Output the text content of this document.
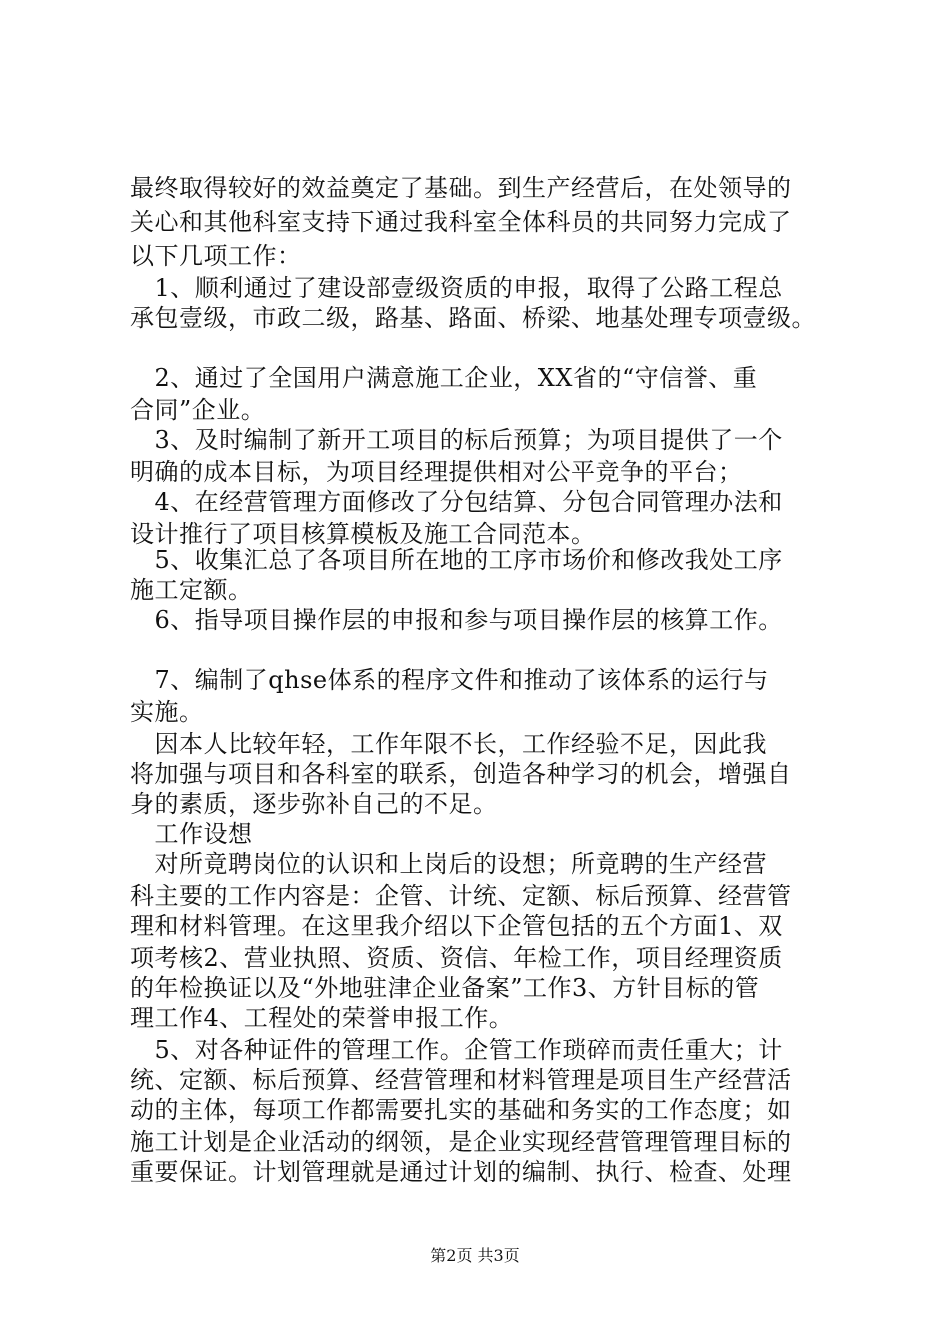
最终取得较好的效益奠定了基础。到生产经营后，在处领导的
关心和其他科室支持下通过我科室全体科员的共同努力完成了
以下几项工作：
　1、顺利通过了建设部壹级资质的申报，取得了公路工程总
承包壹级，市政二级，路基、路面、桥梁、地基处理专项壹级。
　2、通过了全国用户满意施工企业，XX省的“守信誉、重
合同”企业。
　3、及时编制了新开工项目的标后预算；为项目提供了一个
明确的成本目标，为项目经理提供相对公平竞争的平台；
　4、在经营管理方面修改了分包结算、分包合同管理办法和
设计推行了项目核算模板及施工合同范本。
　5、收集汇总了各项目所在地的工序市场价和修改我处工序
施工定额。
　6、指导项目操作层的申报和参与项目操作层的核算工作。
　7、编制了qhse体系的程序文件和推动了该体系的运行与
实施。
　因本人比较年轻，工作年限不长，工作经验不足，因此我
将加强与项目和各科室的联系，创造各种学习的机会，增强自
身的素质，逐步弥补自己的不足。
　工作设想
　对所竟聘岗位的认识和上岗后的设想；所竟聘的生产经营
科主要的工作内容是：企管、计统、定额、标后预算、经营管
理和材料管理。在这里我介绍以下企管包括的五个方面1、双
项考核2、营业执照、资质、资信、年检工作，项目经理资质
的年检换证以及“外地驻津企业备案”工作3、方针目标的管
理工作4、工程处的荣誉申报工作。
　5、对各种证件的管理工作。企管工作琐碎而责任重大；计
统、定额、标后预算、经营管理和材料管理是项目生产经营活
动的主体，每项工作都需要扎实的基础和务实的工作态度；如
施工计划是企业活动的纲领，是企业实现经营管理管理目标的
重要保证。计划管理就是通过计划的编制、执行、检查、处理
第2页 共3页
